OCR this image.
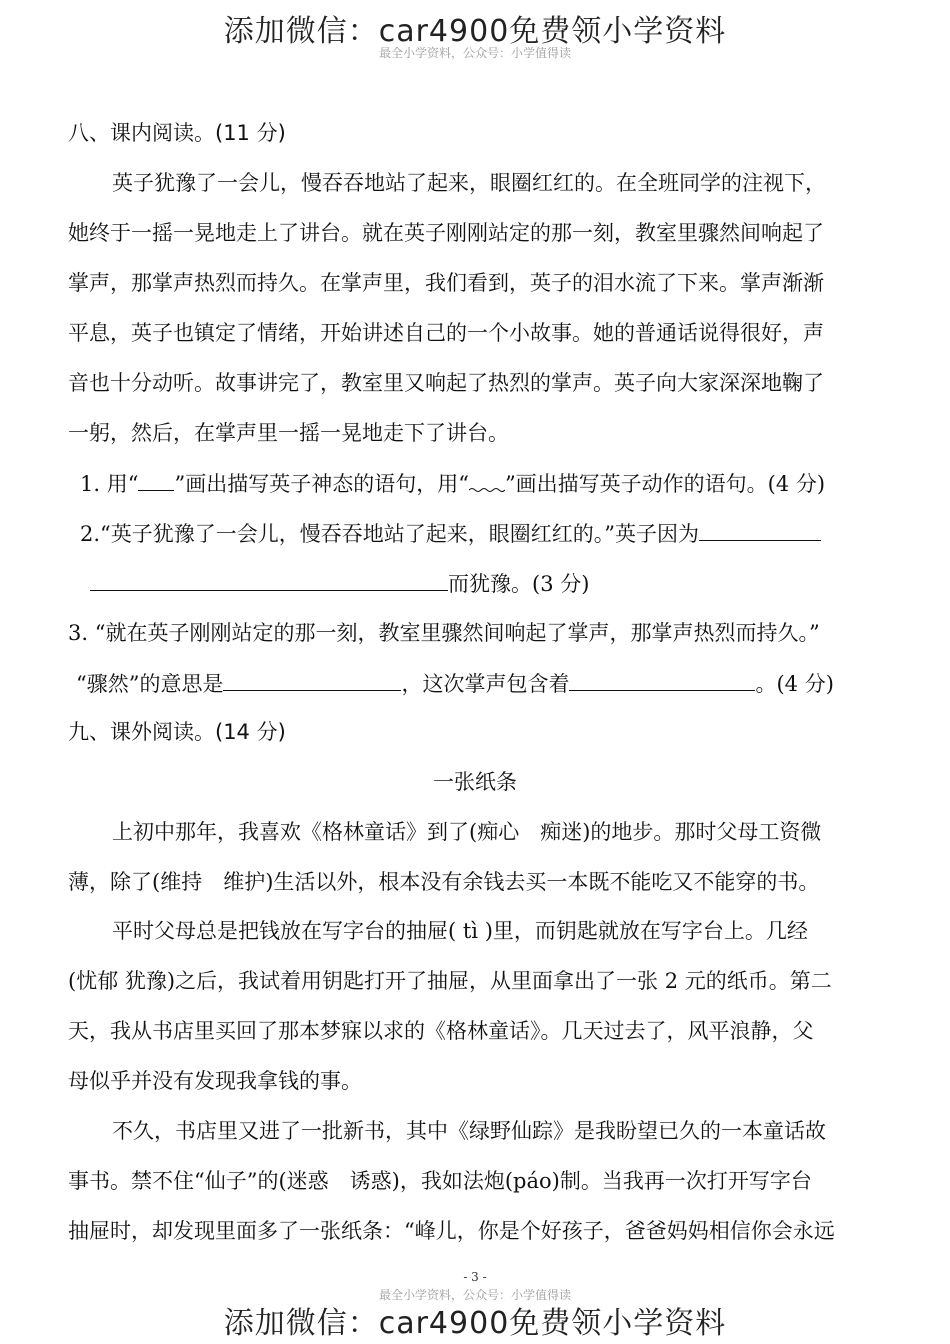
添加微信：car4900免费领小学资料
最全小学资料，公众号：小学值得读
八、课内阅读。(11 分)
英子犹豫了一会儿，慢吞吞地站了起来，眼圈红红的。在全班同学的注视下，
她终于一摇一晃地走上了讲台。就在英子刚刚站定的那一刻，教室里骤然间响起了
掌声，那掌声热烈而持久。在掌声里，我们看到，英子的泪水流了下来。掌声渐渐
平息，英子也镇定了情绪，开始讲述自己的一个小故事。她的普通话说得很好，声
音也十分动听。故事讲完了，教室里又响起了热烈的掌声。英子向大家深深地鞠了
一躬，然后，在掌声里一摇一晃地走下了讲台。
1. 用“ ”画出描写英子神态的语句，用“ ”画出描写英子动作的语句。(4 分)
2.“英子犹豫了一会儿，慢吞吞地站了起来，眼圈红红的。”英子因为
而犹豫。(3 分)
3. “就在英子刚刚站定的那一刻，教室里骤然间响起了掌声，那掌声热烈而持久。”
“骤然”的意思是	，这次掌声包含着	。(4 分)
九、课外阅读。(14 分)
一张纸条
上初中那年，我喜欢《格林童话》到了(痴心　痴迷)的地步。那时父母工资微
薄，除了(维持　维护)生活以外，根本没有余钱去买一本既不能吃又不能穿的书。
平时父母总是把钱放在写字台的抽屉( tì )里，而钥匙就放在写字台上。几经
(忧郁 犹豫)之后，我试着用钥匙打开了抽屉，从里面拿出了一张 2 元的纸币。第二
天，我从书店里买回了那本梦寐以求的《格林童话》。几天过去了，风平浪静，父
母似乎并没有发现我拿钱的事。
不久，书店里又进了一批新书，其中《绿野仙踪》是我盼望已久的一本童话故
事书。禁不住“仙子”的(迷惑　诱惑)，我如法炮(páo)制。当我再一次打开写字台
抽屉时，却发现里面多了一张纸条：“峰儿，你是个好孩子，爸爸妈妈相信你会永远
- 3 -
最全小学资料，公众号：小学值得读
添加微信：car4900免费领小学资料
